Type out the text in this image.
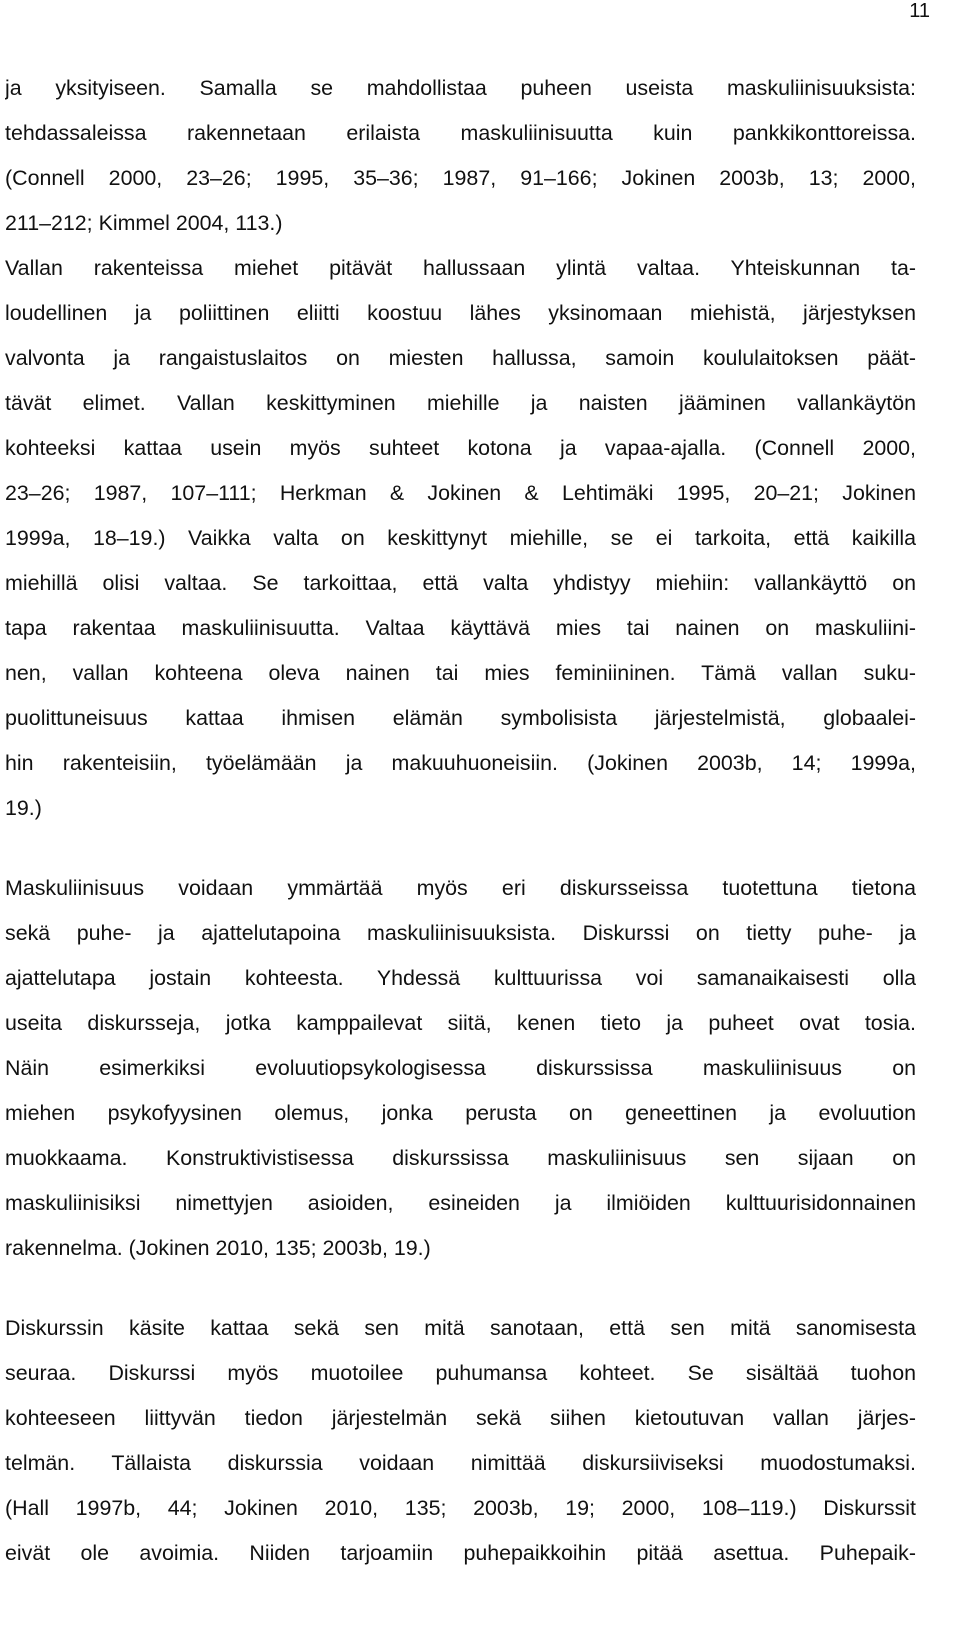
11
ja yksityiseen. Samalla se mahdollistaa puheen useista maskuliinisuuksista:
tehdassaleissa rakennetaan erilaista maskuliinisuutta kuin pankkikonttoreissa.
(Connell 2000, 23–26; 1995, 35–36; 1987, 91–166; Jokinen 2003b, 13; 2000,
211–212; Kimmel 2004, 113.)
Vallan rakenteissa miehet pitävät hallussaan ylintä valtaa. Yhteiskunnan ta-
loudellinen ja poliittinen eliitti koostuu lähes yksinomaan miehistä, järjestyksen
valvonta ja rangaistuslaitos on miesten hallussa, samoin koululaitoksen päät-
tävät elimet. Vallan keskittyminen miehille ja naisten jääminen vallankäytön
kohteeksi kattaa usein myös suhteet kotona ja vapaa-ajalla. (Connell 2000,
23–26; 1987, 107–111; Herkman & Jokinen & Lehtimäki 1995, 20–21; Jokinen
1999a, 18–19.) Vaikka valta on keskittynyt miehille, se ei tarkoita, että kaikilla
miehillä olisi valtaa. Se tarkoittaa, että valta yhdistyy miehiin: vallankäyttö on
tapa rakentaa maskuliinisuutta. Valtaa käyttävä mies tai nainen on maskuliini-
nen, vallan kohteena oleva nainen tai mies feminiininen. Tämä vallan suku-
puolittuneisuus kattaa ihmisen elämän symbolisista järjestelmistä, globaalei-
hin rakenteisiin, työelämään ja makuuhuoneisiin. (Jokinen 2003b, 14; 1999a,
19.)
Maskuliinisuus voidaan ymmärtää myös eri diskursseissa tuotettuna tietona
sekä puhe- ja ajattelutapoina maskuliinisuuksista. Diskurssi on tietty puhe- ja
ajattelutapa jostain kohteesta. Yhdessä kulttuurissa voi samanaikaisesti olla
useita diskursseja, jotka kamppailevat siitä, kenen tieto ja puheet ovat tosia.
Näin esimerkiksi evoluutiopsykologisessa diskurssissa maskuliinisuus on
miehen psykofyysinen olemus, jonka perusta on geneettinen ja evoluution
muokkaama. Konstruktivistisessa diskurssissa maskuliinisuus sen sijaan on
maskuliinisiksi nimettyjen asioiden, esineiden ja ilmiöiden kulttuurisidonnainen
rakennelma. (Jokinen 2010, 135; 2003b, 19.)
Diskurssin käsite kattaa sekä sen mitä sanotaan, että sen mitä sanomisesta
seuraa. Diskurssi myös muotoilee puhumansa kohteet. Se sisältää tuohon
kohteeseen liittyvän tiedon järjestelmän sekä siihen kietoutuvan vallan järjes-
telmän. Tällaista diskurssia voidaan nimittää diskursiiviseksi muodostumaksi.
(Hall 1997b, 44; Jokinen 2010, 135; 2003b, 19; 2000, 108–119.) Diskurssit
eivät ole avoimia. Niiden tarjoamiin puhepaikkoihin pitää asettua. Puhepaik-
